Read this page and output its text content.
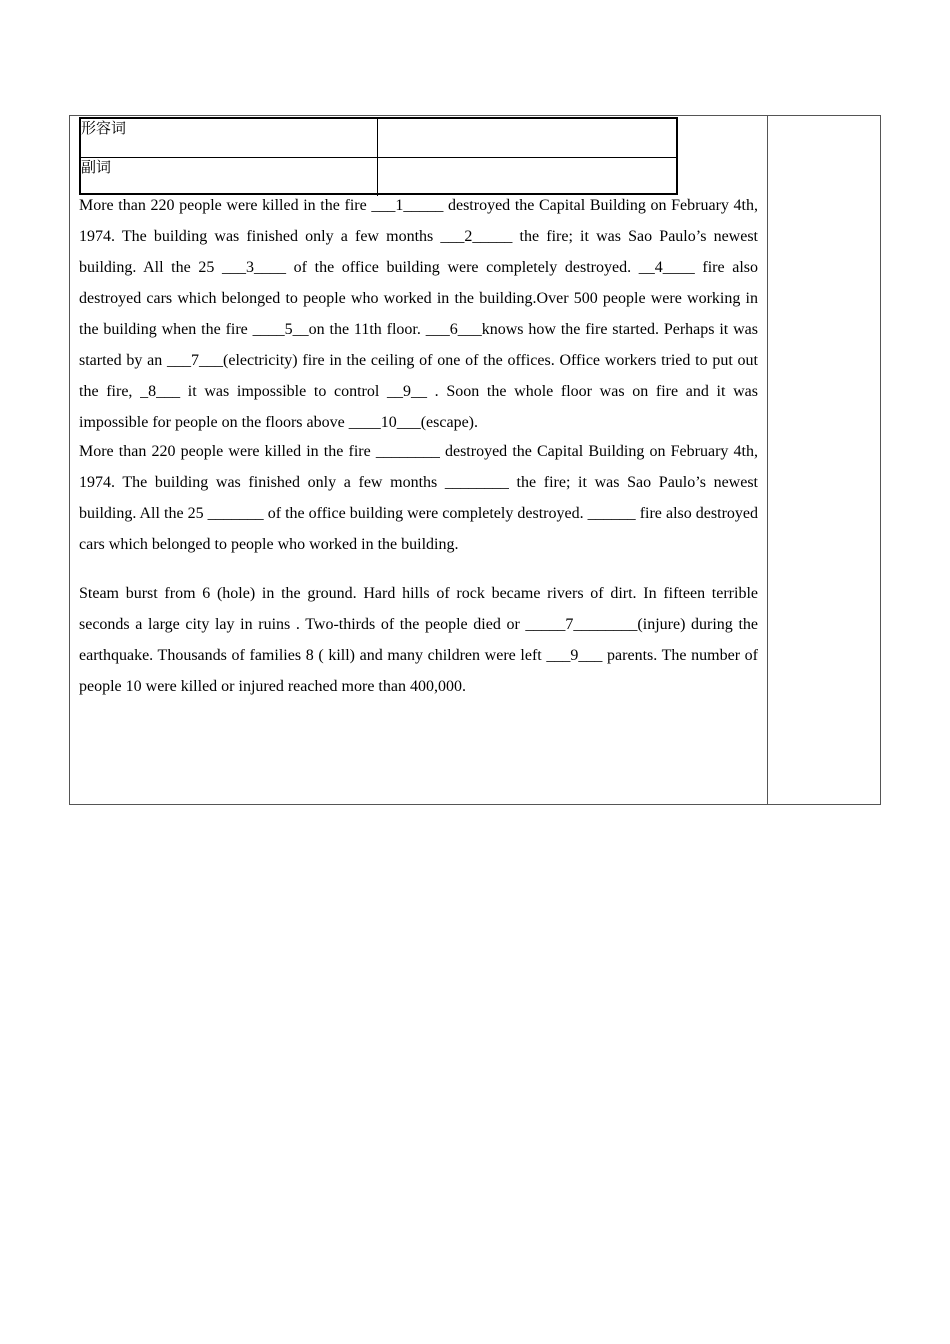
形容词
副词

More than 220 people were killed in the fire ___1_____ destroyed the Capital Building on February 4th, 1974. The building was finished only a few months ___2_____ the fire; it was Sao Paulo’s newest building. All the 25 ___3____ of the office building were completely destroyed. __4____ fire also destroyed cars which belonged to people who worked in the building.Over 500 people were working in the building when the fire ____5__on the 11th floor. ___6___knows how the fire started. Perhaps it was started by an ___7___(electricity) fire in the ceiling of one of the offices. Office workers tried to put out the fire, _8___ it was impossible to control __9__ . Soon the whole floor was on fire and it was impossible for people on the floors above ____10___(escape).

More than 220 people were killed in the fire ________ destroyed the Capital Building on February 4th, 1974. The building was finished only a few months ________ the fire; it was Sao Paulo’s newest building. All the 25 _______ of the office building were completely destroyed. ______ fire also destroyed cars which belonged to people who worked in the building.

Steam burst from 6 (hole) in the ground. Hard hills of rock became rivers of dirt. In fifteen terrible seconds a large city lay in ruins . Two-thirds of the people died or _____7________(injure) during the earthquake. Thousands of families 8 ( kill) and many children were left ___9___ parents. The number of people 10 were killed or injured reached more than 400,000.
